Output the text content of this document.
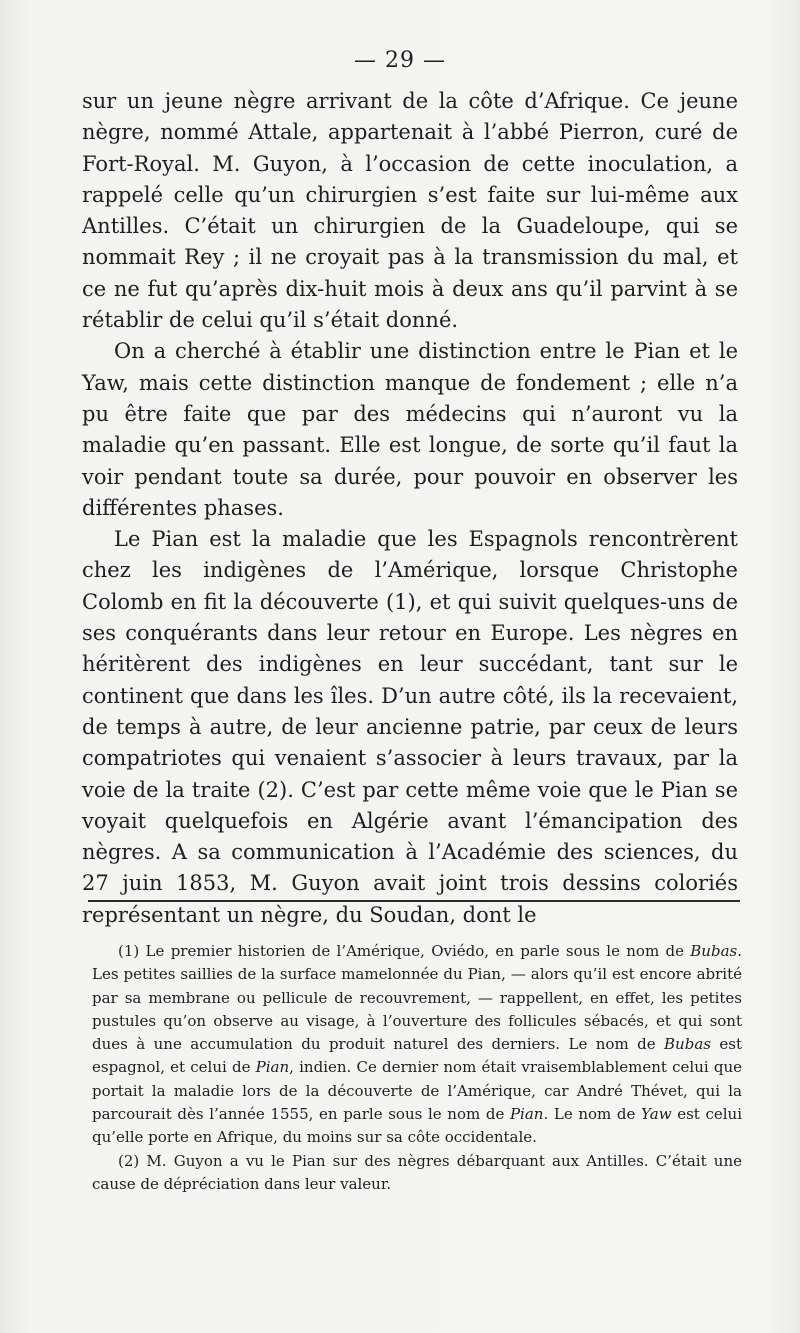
— 29 —

sur un jeune nègre arrivant de la côte d’Afrique. Ce jeune nègre, nommé Attale, appartenait à l’abbé Pierron, curé de Fort-Royal. M. Guyon, à l’occasion de cette inoculation, a rappelé celle qu’un chirurgien s’est faite sur lui-même aux Antilles. C’était un chirurgien de la Guadeloupe, qui se nommait Rey ; il ne croyait pas à la transmission du mal, et ce ne fut qu’après dix-huit mois à deux ans qu’il parvint à se rétablir de celui qu’il s’était donné.

On a cherché à établir une distinction entre le Pian et le Yaw, mais cette distinction manque de fondement ; elle n’a pu être faite que par des médecins qui n’auront vu la maladie qu’en passant. Elle est longue, de sorte qu’il faut la voir pendant toute sa durée, pour pouvoir en observer les différentes phases.

Le Pian est la maladie que les Espagnols rencontrèrent chez les indigènes de l’Amérique, lorsque Christophe Colomb en fit la découverte (1), et qui suivit quelques-uns de ses conquérants dans leur retour en Europe. Les nègres en héritèrent des indigènes en leur succédant, tant sur le continent que dans les îles. D’un autre côté, ils la recevaient, de temps à autre, de leur ancienne patrie, par ceux de leurs compatriotes qui venaient s’associer à leurs travaux, par la voie de la traite (2). C’est par cette même voie que le Pian se voyait quelquefois en Algérie avant l’émancipation des nègres. A sa communication à l’Académie des sciences, du 27 juin 1853, M. Guyon avait joint trois dessins coloriés représentant un nègre, du Soudan, dont le

(1) Le premier historien de l’Amérique, Oviédo, en parle sous le nom de Bubas. Les petites saillies de la surface mamelonnée du Pian, — alors qu’il est encore abrité par sa membrane ou pellicule de recouvrement, — rappellent, en effet, les petites pustules qu’on observe au visage, à l’ouverture des follicules sébacés, et qui sont dues à une accumulation du produit naturel des derniers. Le nom de Bubas est espagnol, et celui de Pian, indien. Ce dernier nom était vraisemblablement celui que portait la maladie lors de la découverte de l’Amérique, car André Thévet, qui la parcourait dès l’année 1555, en parle sous le nom de Pian. Le nom de Yaw est celui qu’elle porte en Afrique, du moins sur sa côte occidentale.

(2) M. Guyon a vu le Pian sur des nègres débarquant aux Antilles. C’était une cause de dépréciation dans leur valeur.
